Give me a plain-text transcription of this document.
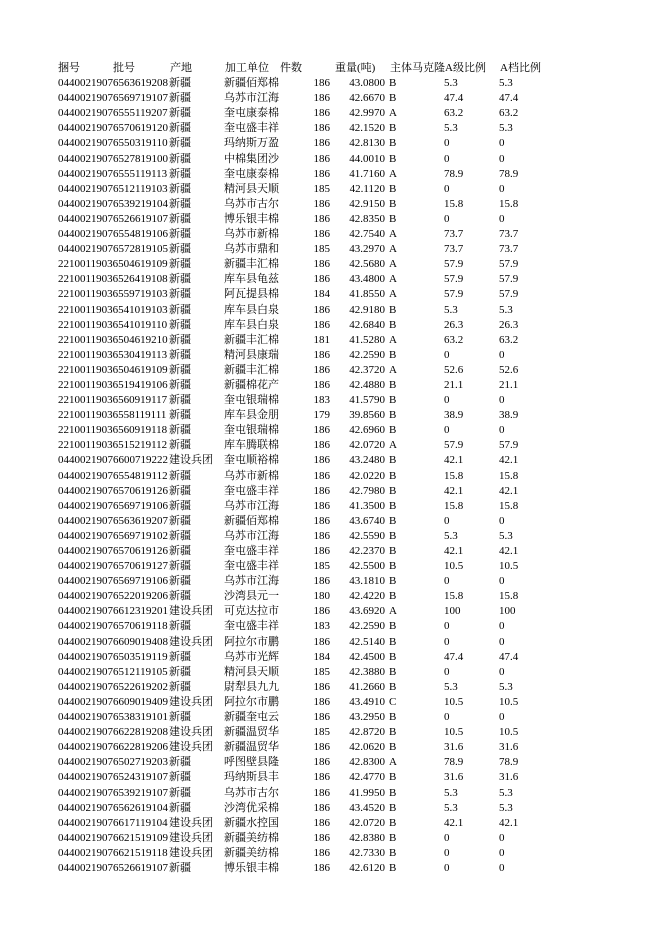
捆号	批号	产地	加工单位	件数	重量(吨)	主体马克隆 A级比例	A档比例
04400219076563619208 新疆	新疆佰郑棉	186	43.0800 B	5.3	5.3
04400219076569719107 新疆	乌苏市江海	186	42.6670 B	47.4	47.4
04400219076555119207 新疆	奎屯康泰棉	186	42.9970 A	63.2	63.2
04400219076570619120 新疆	奎屯盛丰祥	186	42.1520 B	5.3	5.3
04400219076550319110 新疆	玛纳斯万盈	186	42.8130 B	0	0
04400219076527819100 新疆	中棉集团沙	186	44.0010 B	0	0
04400219076555119113 新疆	奎屯康泰棉	186	41.7160 A	78.9	78.9
04400219076512119103 新疆	精河县天顺	185	42.1120 B	0	0
04400219076539219104 新疆	乌苏市古尔	186	42.9150 B	15.8	15.8
04400219076526619107 新疆	博乐银丰棉	186	42.8350 B	0	0
04400219076554819106 新疆	乌苏市新棉	186	42.7540 A	73.7	73.7
04400219076572819105 新疆	乌苏市鼎和	185	43.2970 A	73.7	73.7
22100119036504619109 新疆	新疆丰汇棉	186	42.5680 A	57.9	57.9
22100119036526419108 新疆	库车县龟兹	186	43.4800 A	57.9	57.9
22100119036559719103 新疆	阿瓦提县棉	184	41.8550 A	57.9	57.9
22100119036541019103 新疆	库车县白泉	186	42.9180 B	5.3	5.3
22100119036541019110 新疆	库车县白泉	186	42.6840 B	26.3	26.3
22100119036504619210 新疆	新疆丰汇棉	181	41.5280 A	63.2	63.2
22100119036530419113 新疆	精河县康瑞	186	42.2590 B	0	0
22100119036504619109 新疆	新疆丰汇棉	186	42.3720 A	52.6	52.6
22100119036519419106 新疆	新疆棉花产	186	42.4880 B	21.1	21.1
22100119036560919117 新疆	奎屯银瑞棉	183	41.5790 B	0	0
22100119036558119111 新疆	库车县金朋	179	39.8560 B	38.9	38.9
22100119036560919118 新疆	奎屯银瑞棉	186	42.6960 B	0	0
22100119036515219112 新疆	库车腾联棉	186	42.0720 A	57.9	57.9
04400219076600719222 建设兵团	奎屯顺裕棉	186	43.2480 B	42.1	42.1
04400219076554819112 新疆	乌苏市新棉	186	42.0220 B	15.8	15.8
04400219076570619126 新疆	奎屯盛丰祥	186	42.7980 B	42.1	42.1
04400219076569719106 新疆	乌苏市江海	186	41.3500 B	15.8	15.8
04400219076563619207 新疆	新疆佰郑棉	186	43.6740 B	0	0
04400219076569719102 新疆	乌苏市江海	186	42.5590 B	5.3	5.3
04400219076570619126 新疆	奎屯盛丰祥	186	42.2370 B	42.1	42.1
04400219076570619127 新疆	奎屯盛丰祥	185	42.5500 B	10.5	10.5
04400219076569719106 新疆	乌苏市江海	186	43.1810 B	0	0
04400219076522019206 新疆	沙湾县元一	180	42.4220 B	15.8	15.8
04400219076612319201 建设兵团	可克达拉市	186	43.6920 A	100	100
04400219076570619118 新疆	奎屯盛丰祥	183	42.2590 B	0	0
04400219076609019408 建设兵团	阿拉尔市鹏	186	42.5140 B	0	0
04400219076503519119 新疆	乌苏市光辉	184	42.4500 B	47.4	47.4
04400219076512119105 新疆	精河县天顺	185	42.3880 B	0	0
04400219076522619202 新疆	尉犁县九九	186	41.2660 B	5.3	5.3
04400219076609019409 建设兵团	阿拉尔市鹏	186	43.4910 C	10.5	10.5
04400219076538319101 新疆	新疆奎屯云	186	43.2950 B	0	0
04400219076622819208 建设兵团	新疆温贸华	185	42.8720 B	10.5	10.5
04400219076622819206 建设兵团	新疆温贸华	186	42.0620 B	31.6	31.6
04400219076502719203 新疆	呼图壁县隆	186	42.8300 A	78.9	78.9
04400219076524319107 新疆	玛纳斯县丰	186	42.4770 B	31.6	31.6
04400219076539219107 新疆	乌苏市古尔	186	41.9950 B	5.3	5.3
04400219076562619104 新疆	沙湾优采棉	186	43.4520 B	5.3	5.3
04400219076617119104 建设兵团	新疆水控国	186	42.0720 B	42.1	42.1
04400219076621519109 建设兵团	新疆美纺棉	186	42.8380 B	0	0
04400219076621519118 建设兵团	新疆美纺棉	186	42.7330 B	0	0
04400219076526619107 新疆	博乐银丰棉	186	42.6120 B	0	0
